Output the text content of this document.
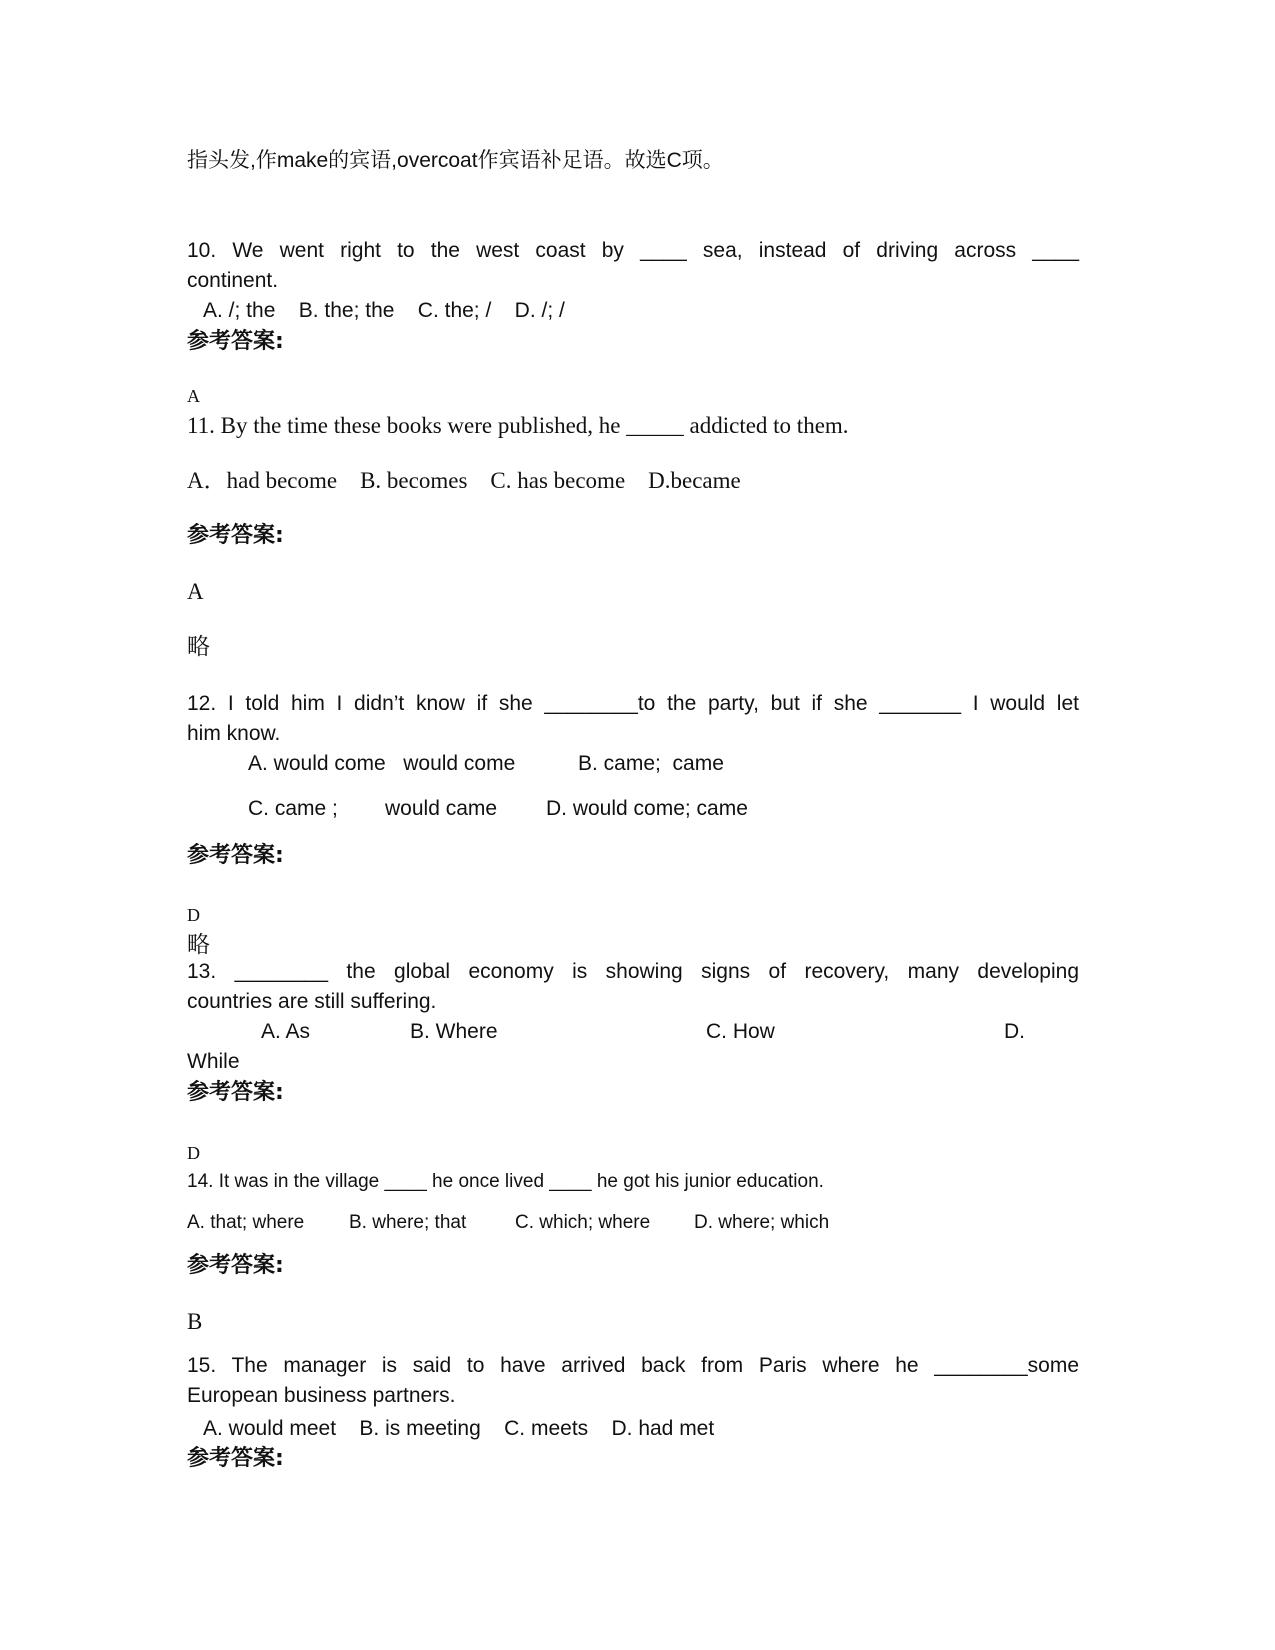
指头发,作make的宾语,overcoat作宾语补足语。故选C项。

10. We went right to the west coast by ____ sea, instead of driving across ____

continent.

A. /; the    B. the; the    C. the; /    D. /; /

参考答案:

A

11. By the time these books were published, he _____ addicted to them.

A．had become    B. becomes    C. has become    D.became

参考答案:

A

略

12. I told him I didn’t know if she ________to the party, but if she _______ I would let

him know.

A. would come   would come	B. came;  came

C. came ; would came D. would come; came

参考答案:

D

略

13. ________ the global economy is showing signs of recovery, many developing

countries are still suffering.

A. As	B. Where	C. How	D.

While

参考答案:

D

14. It was in the village ____ he once lived ____ he got his junior education.

A. that; where B. where; that	C. which; where D. where; which

参考答案:

B

15. The manager is said to have arrived back from Paris where he ________some

European business partners.

A. would meet    B. is meeting    C. meets    D. had met

参考答案:
